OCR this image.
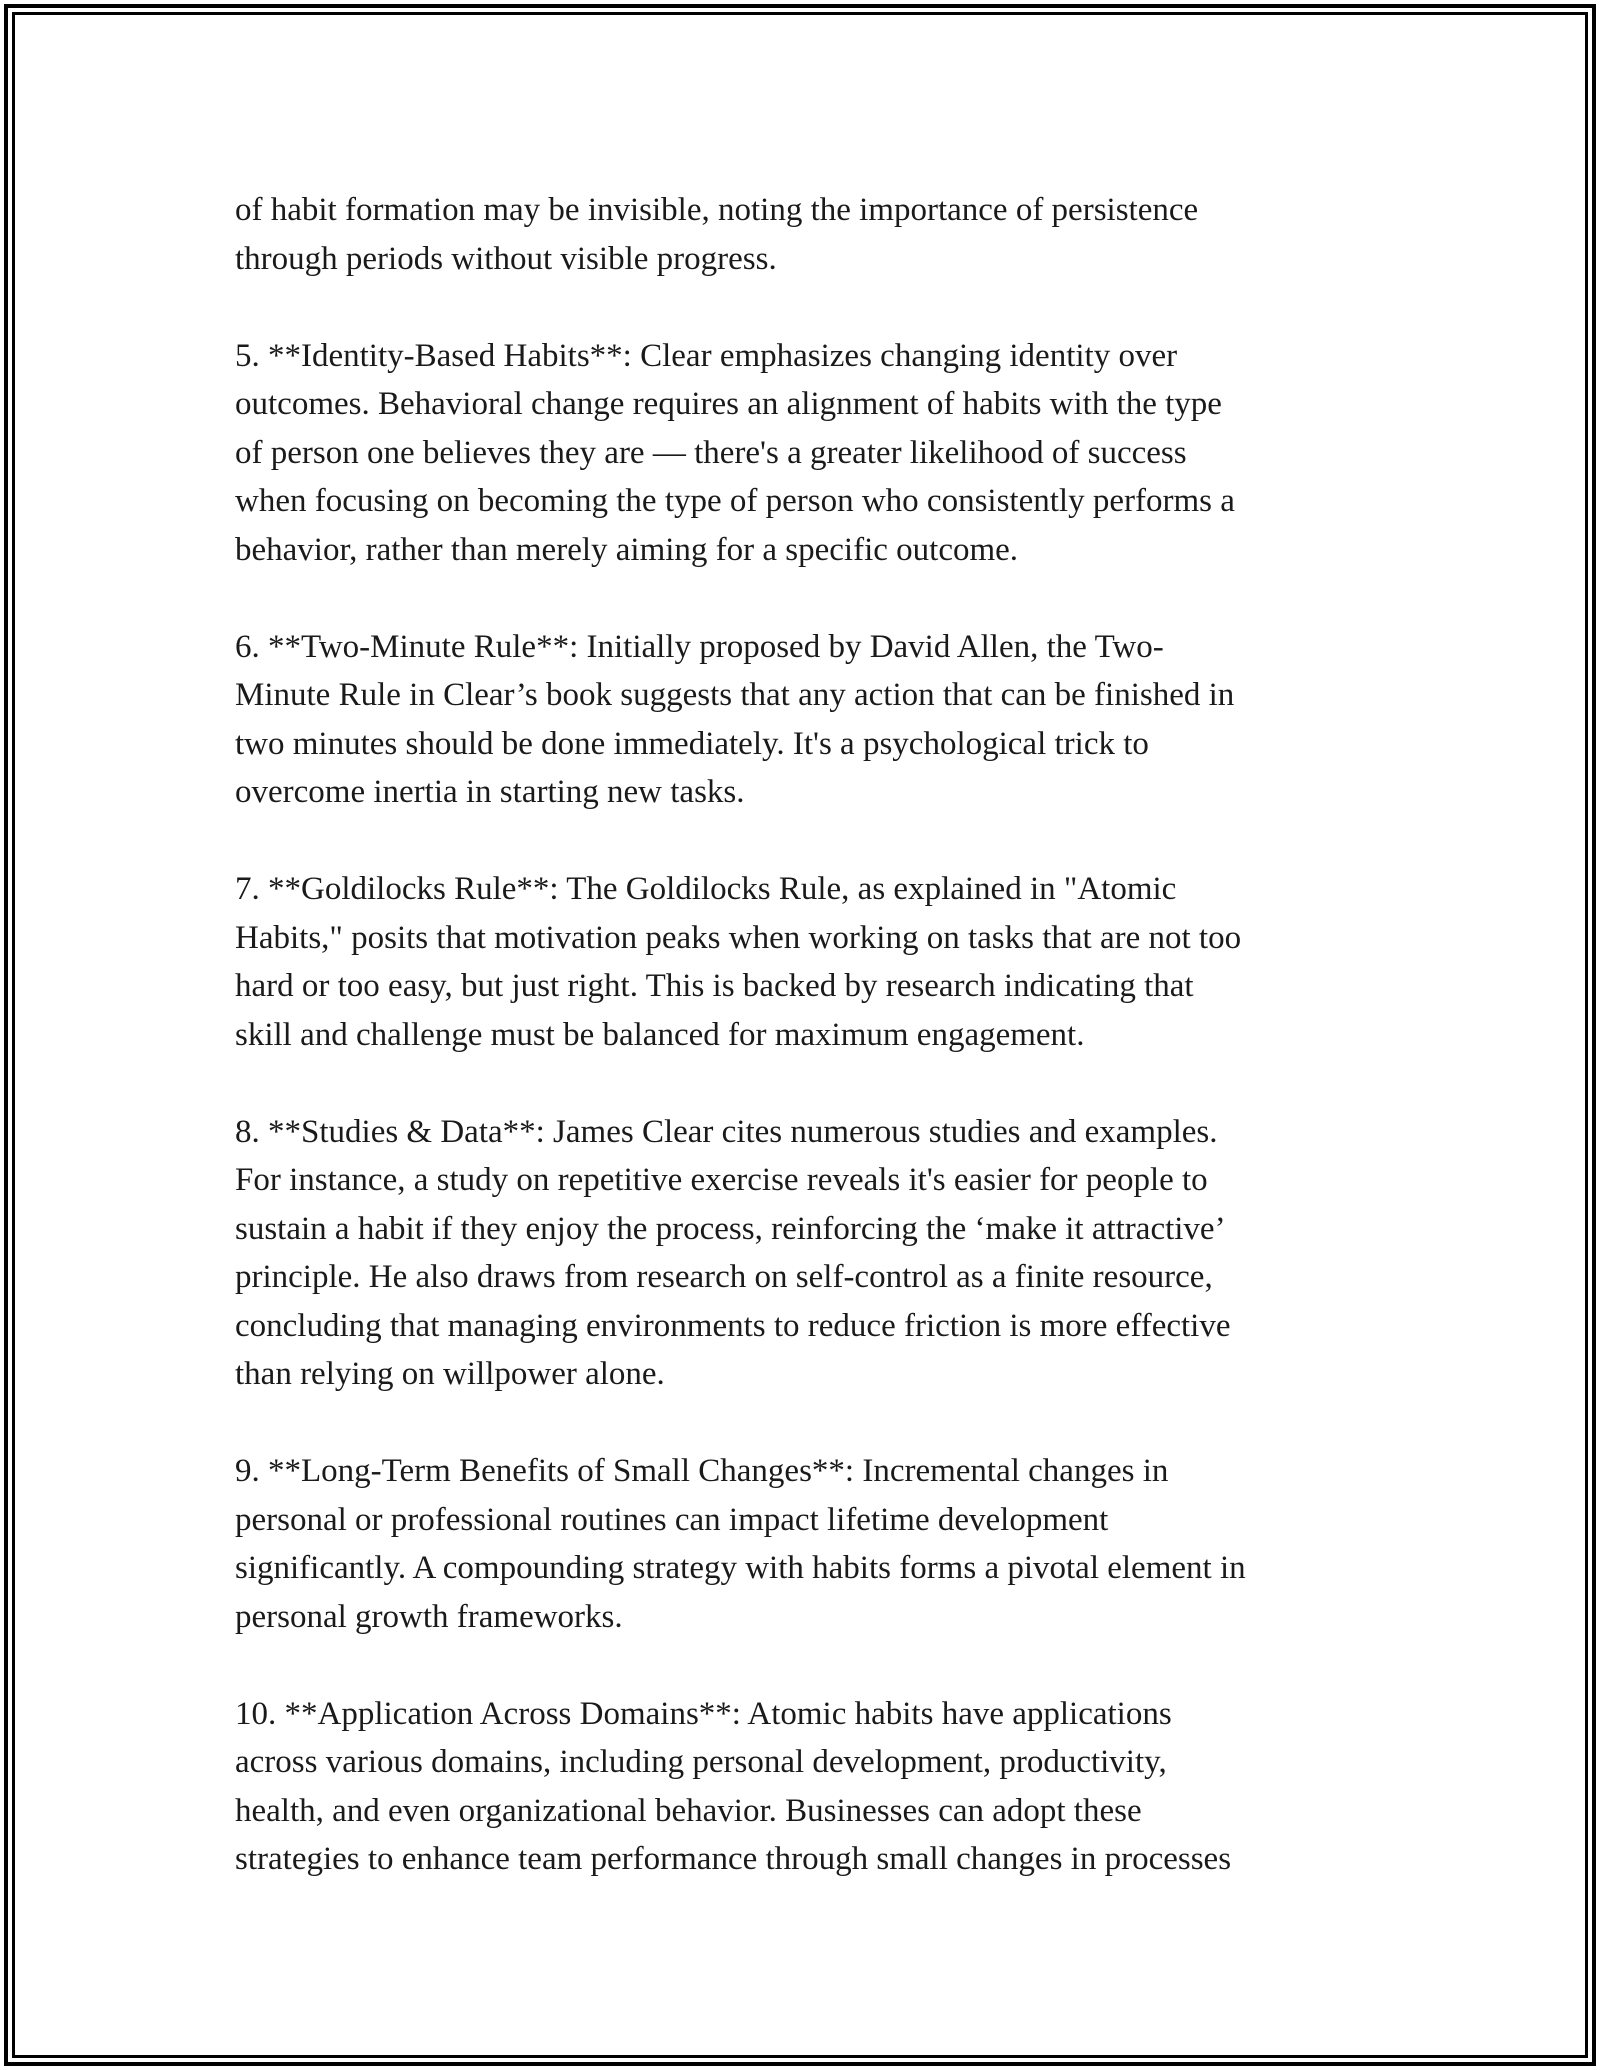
of habit formation may be invisible, noting the importance of persistence
through periods without visible progress.

5. **Identity-Based Habits**: Clear emphasizes changing identity over
outcomes. Behavioral change requires an alignment of habits with the type
of person one believes they are — there's a greater likelihood of success
when focusing on becoming the type of person who consistently performs a
behavior, rather than merely aiming for a specific outcome.

6. **Two-Minute Rule**: Initially proposed by David Allen, the Two-
Minute Rule in Clear’s book suggests that any action that can be finished in
two minutes should be done immediately. It's a psychological trick to
overcome inertia in starting new tasks.

7. **Goldilocks Rule**: The Goldilocks Rule, as explained in "Atomic
Habits," posits that motivation peaks when working on tasks that are not too
hard or too easy, but just right. This is backed by research indicating that
skill and challenge must be balanced for maximum engagement.

8. **Studies & Data**: James Clear cites numerous studies and examples.
For instance, a study on repetitive exercise reveals it's easier for people to
sustain a habit if they enjoy the process, reinforcing the ‘make it attractive’
principle. He also draws from research on self-control as a finite resource,
concluding that managing environments to reduce friction is more effective
than relying on willpower alone.

9. **Long-Term Benefits of Small Changes**: Incremental changes in
personal or professional routines can impact lifetime development
significantly. A compounding strategy with habits forms a pivotal element in
personal growth frameworks.

10. **Application Across Domains**: Atomic habits have applications
across various domains, including personal development, productivity,
health, and even organizational behavior. Businesses can adopt these
strategies to enhance team performance through small changes in processes
